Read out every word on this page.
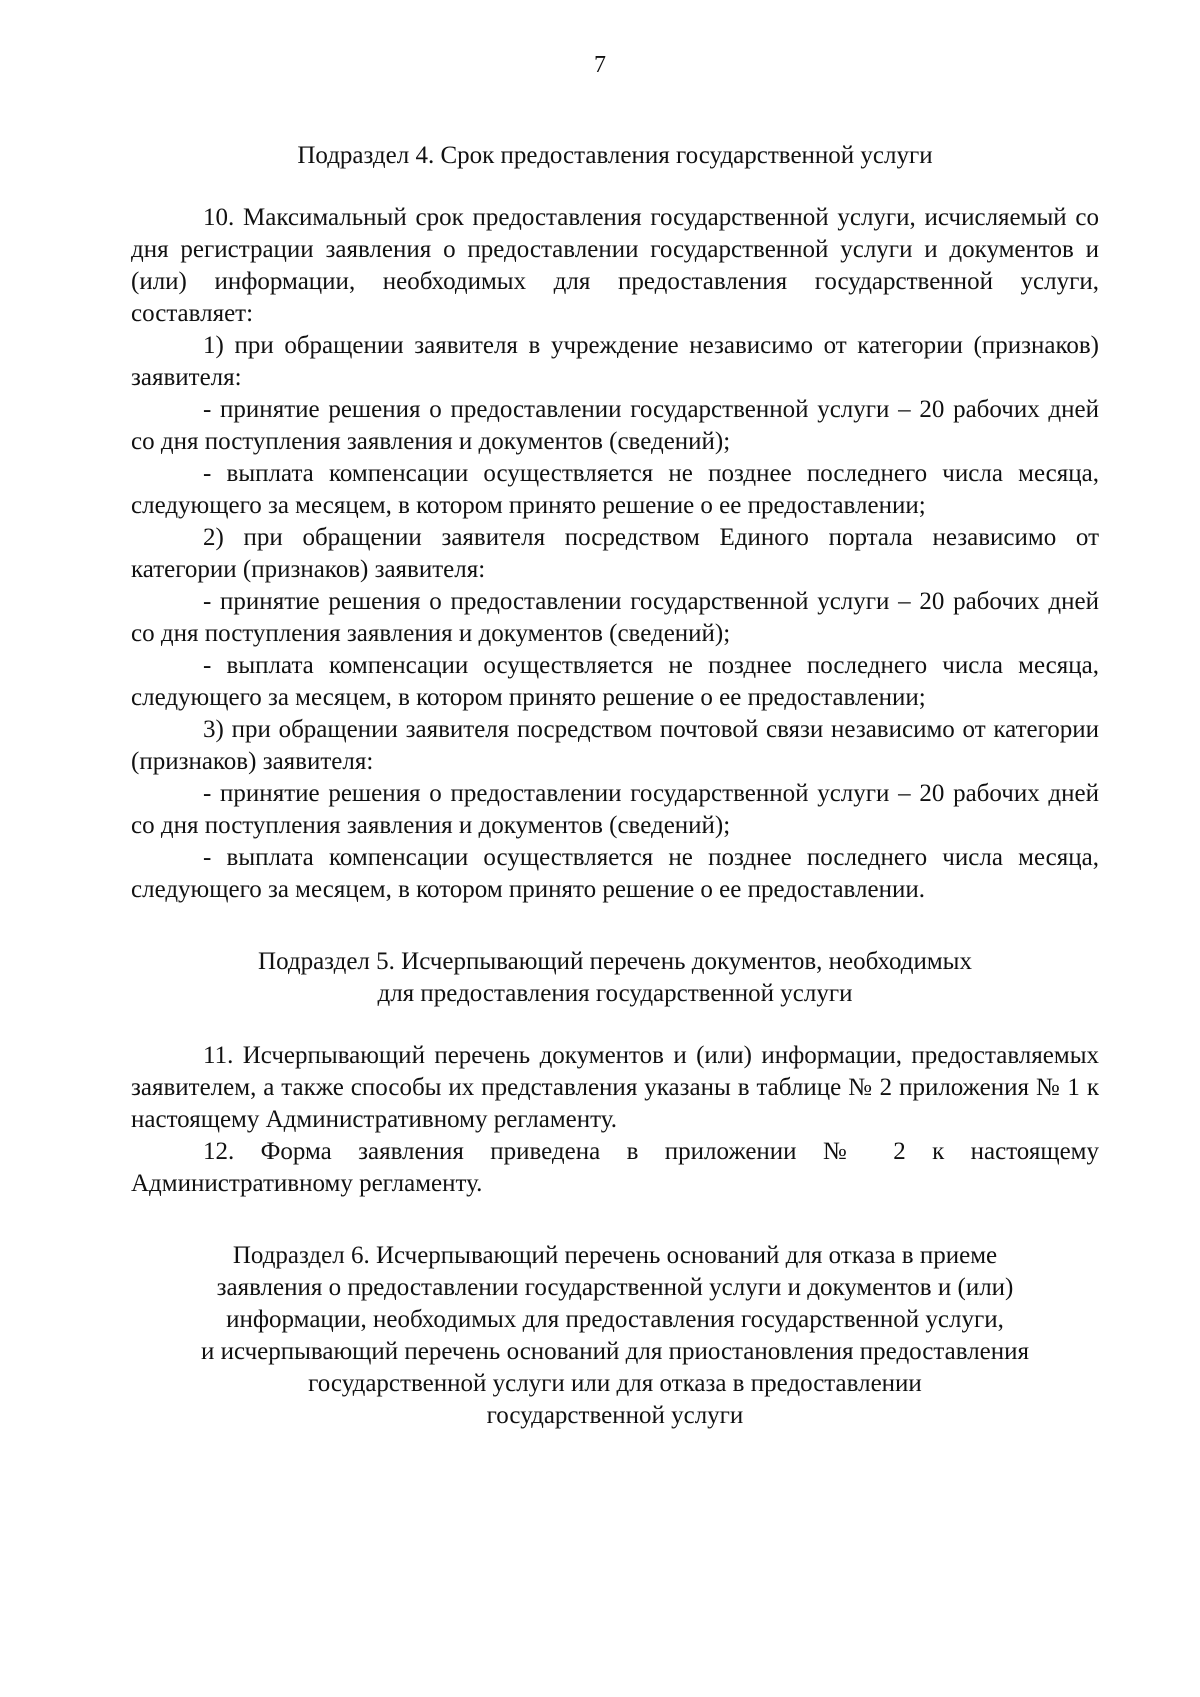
7
Подраздел 4. Срок предоставления государственной услуги

10. Максимальный срок предоставления государственной услуги, исчисляемый со дня регистрации заявления о предоставлении государственной услуги и документов и (или) информации, необходимых для предоставления государственной услуги, составляет:

1) при обращении заявителя в учреждение независимо от категории (признаков) заявителя:

- принятие решения о предоставлении государственной услуги – 20 рабочих дней со дня поступления заявления и документов (сведений);

- выплата компенсации осуществляется не позднее последнего числа месяца, следующего за месяцем, в котором принято решение о ее предоставлении;

2) при обращении заявителя посредством Единого портала независимо от категории (признаков) заявителя:

- принятие решения о предоставлении государственной услуги – 20 рабочих дней со дня поступления заявления и документов (сведений);

- выплата компенсации осуществляется не позднее последнего числа месяца, следующего за месяцем, в котором принято решение о ее предоставлении;

3) при обращении заявителя посредством почтовой связи независимо от категории (признаков) заявителя:

- принятие решения о предоставлении государственной услуги – 20 рабочих дней со дня поступления заявления и документов (сведений);

- выплата компенсации осуществляется не позднее последнего числа месяца, следующего за месяцем, в котором принято решение о ее предоставлении.

Подраздел 5. Исчерпывающий перечень документов, необходимых
для предоставления государственной услуги

11. Исчерпывающий перечень документов и (или) информации, предоставляемых заявителем, а также способы их представления указаны в таблице № 2 приложения № 1 к настоящему Административному регламенту.

12. Форма заявления приведена в приложении № 2 к настоящему Административному регламенту.

Подраздел 6. Исчерпывающий перечень оснований для отказа в приеме
заявления о предоставлении государственной услуги и документов и (или)
информации, необходимых для предоставления государственной услуги,
и исчерпывающий перечень оснований для приостановления предоставления
государственной услуги или для отказа в предоставлении
государственной услуги
